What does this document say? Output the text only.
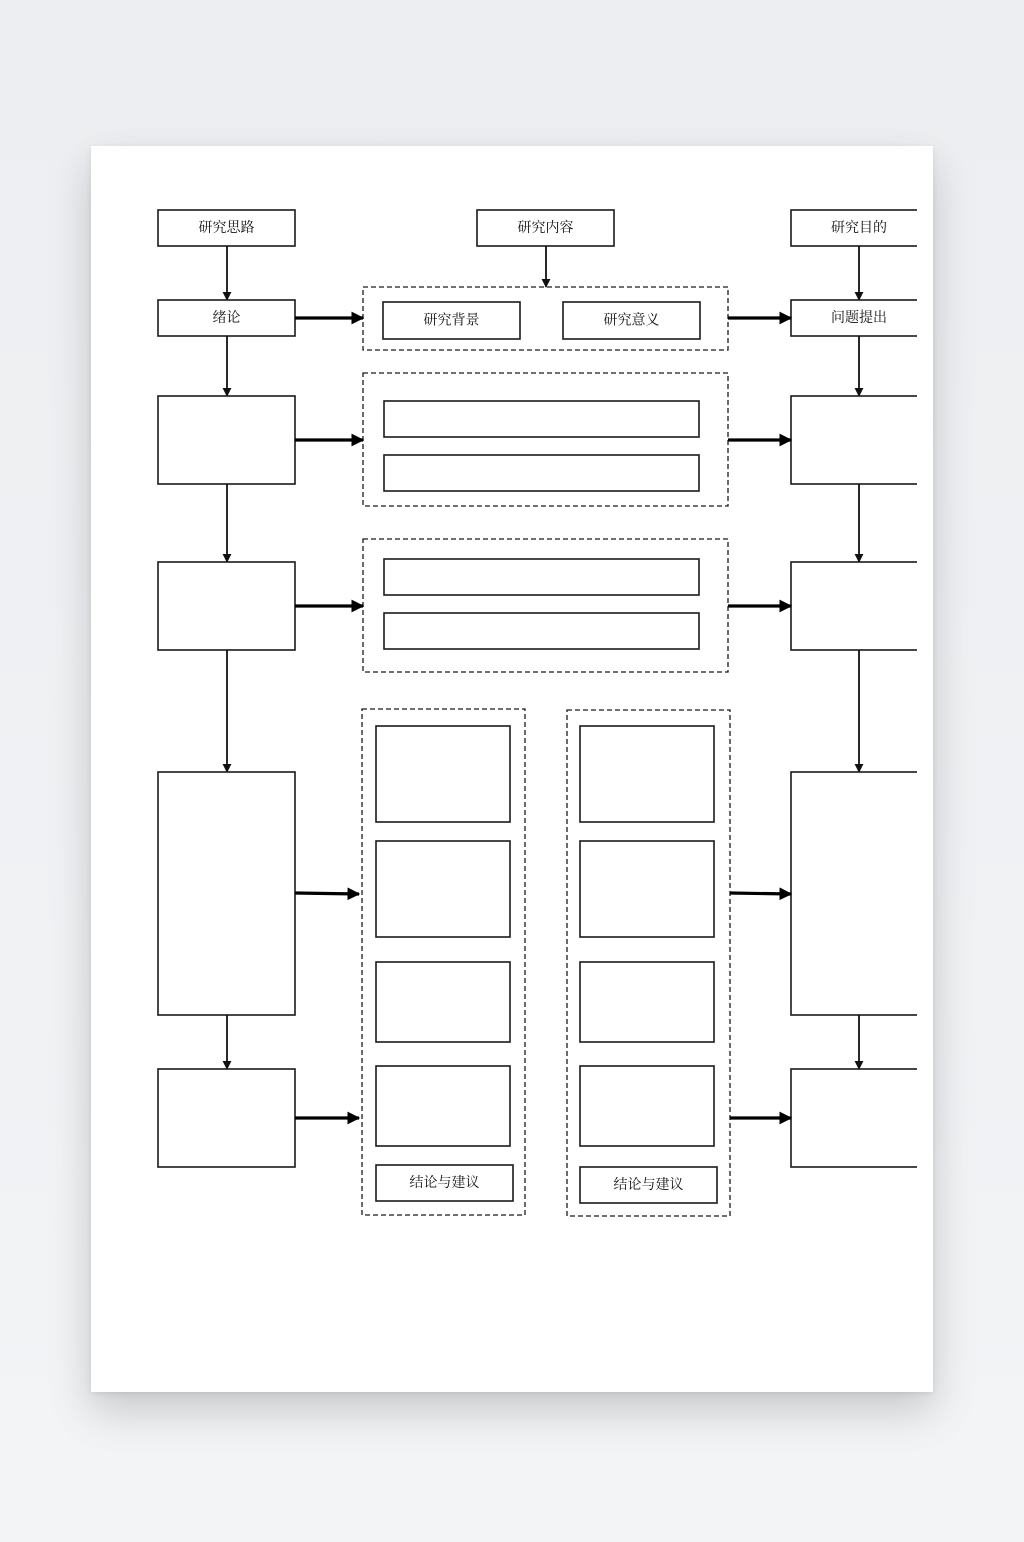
研究思路
绪论
研究内容
研究背景	研究意义
结论与建议	结论与建议
研究目的
问题提出
